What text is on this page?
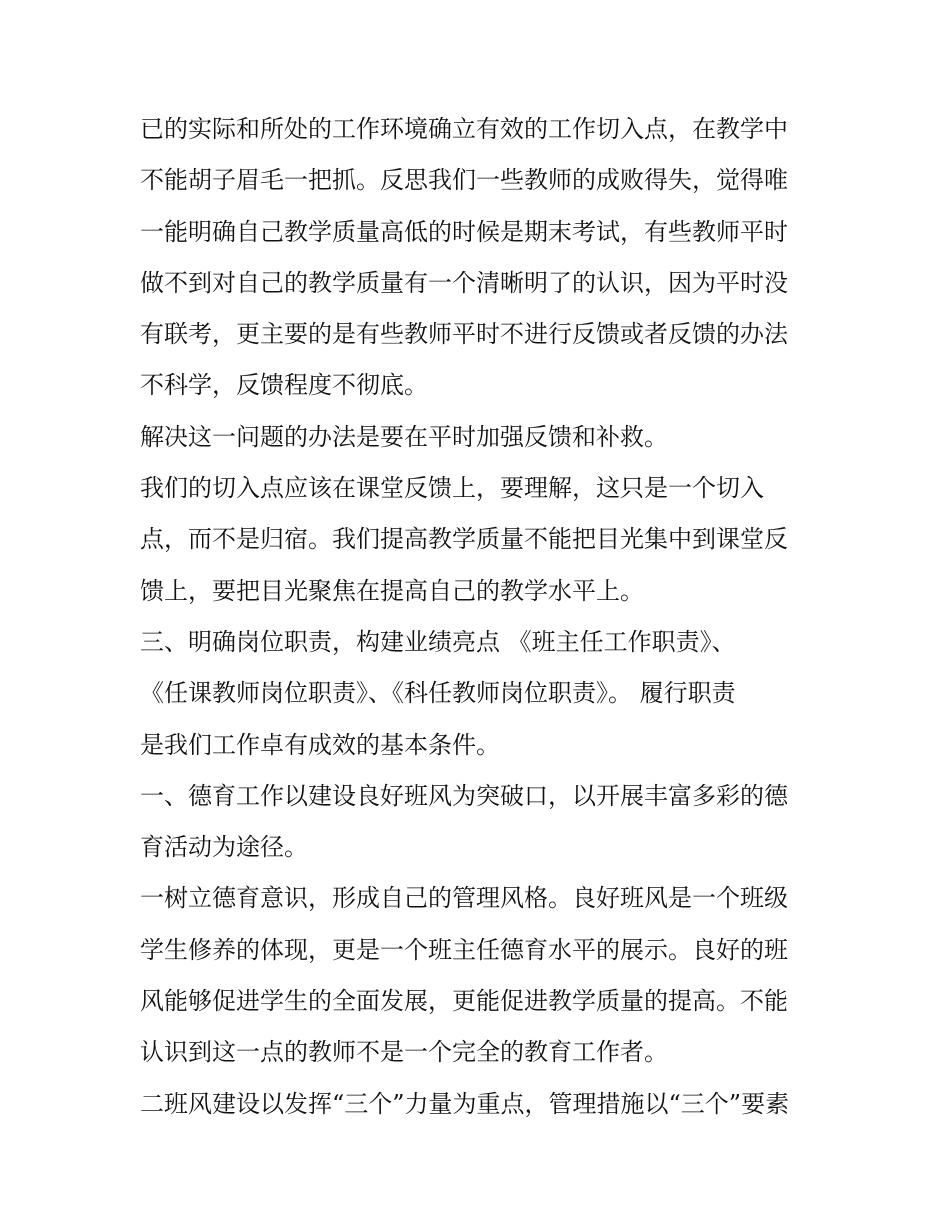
已的实际和所处的工作环境确立有效的工作切入点，在教学中
不能胡子眉毛一把抓。反思我们一些教师的成败得失，觉得唯
一能明确自己教学质量高低的时候是期末考试，有些教师平时
做不到对自己的教学质量有一个清晰明了的认识，因为平时没
有联考，更主要的是有些教师平时不进行反馈或者反馈的办法
不科学，反馈程度不彻底。
解决这一问题的办法是要在平时加强反馈和补救。
我们的切入点应该在课堂反馈上，要理解，这只是一个切入
点，而不是归宿。我们提高教学质量不能把目光集中到课堂反
馈上，要把目光聚焦在提高自己的教学水平上。
三、明确岗位职责，构建业绩亮点 《班主任工作职责》、
《任课教师岗位职责》、《科任教师岗位职责》。 履行职责
是我们工作卓有成效的基本条件。
一、德育工作以建设良好班风为突破口，以开展丰富多彩的德
育活动为途径。
一树立德育意识，形成自己的管理风格。良好班风是一个班级
学生修养的体现，更是一个班主任德育水平的展示。良好的班
风能够促进学生的全面发展，更能促进教学质量的提高。不能
认识到这一点的教师不是一个完全的教育工作者。
二班风建设以发挥“三个”力量为重点，管理措施以“三个”要素
